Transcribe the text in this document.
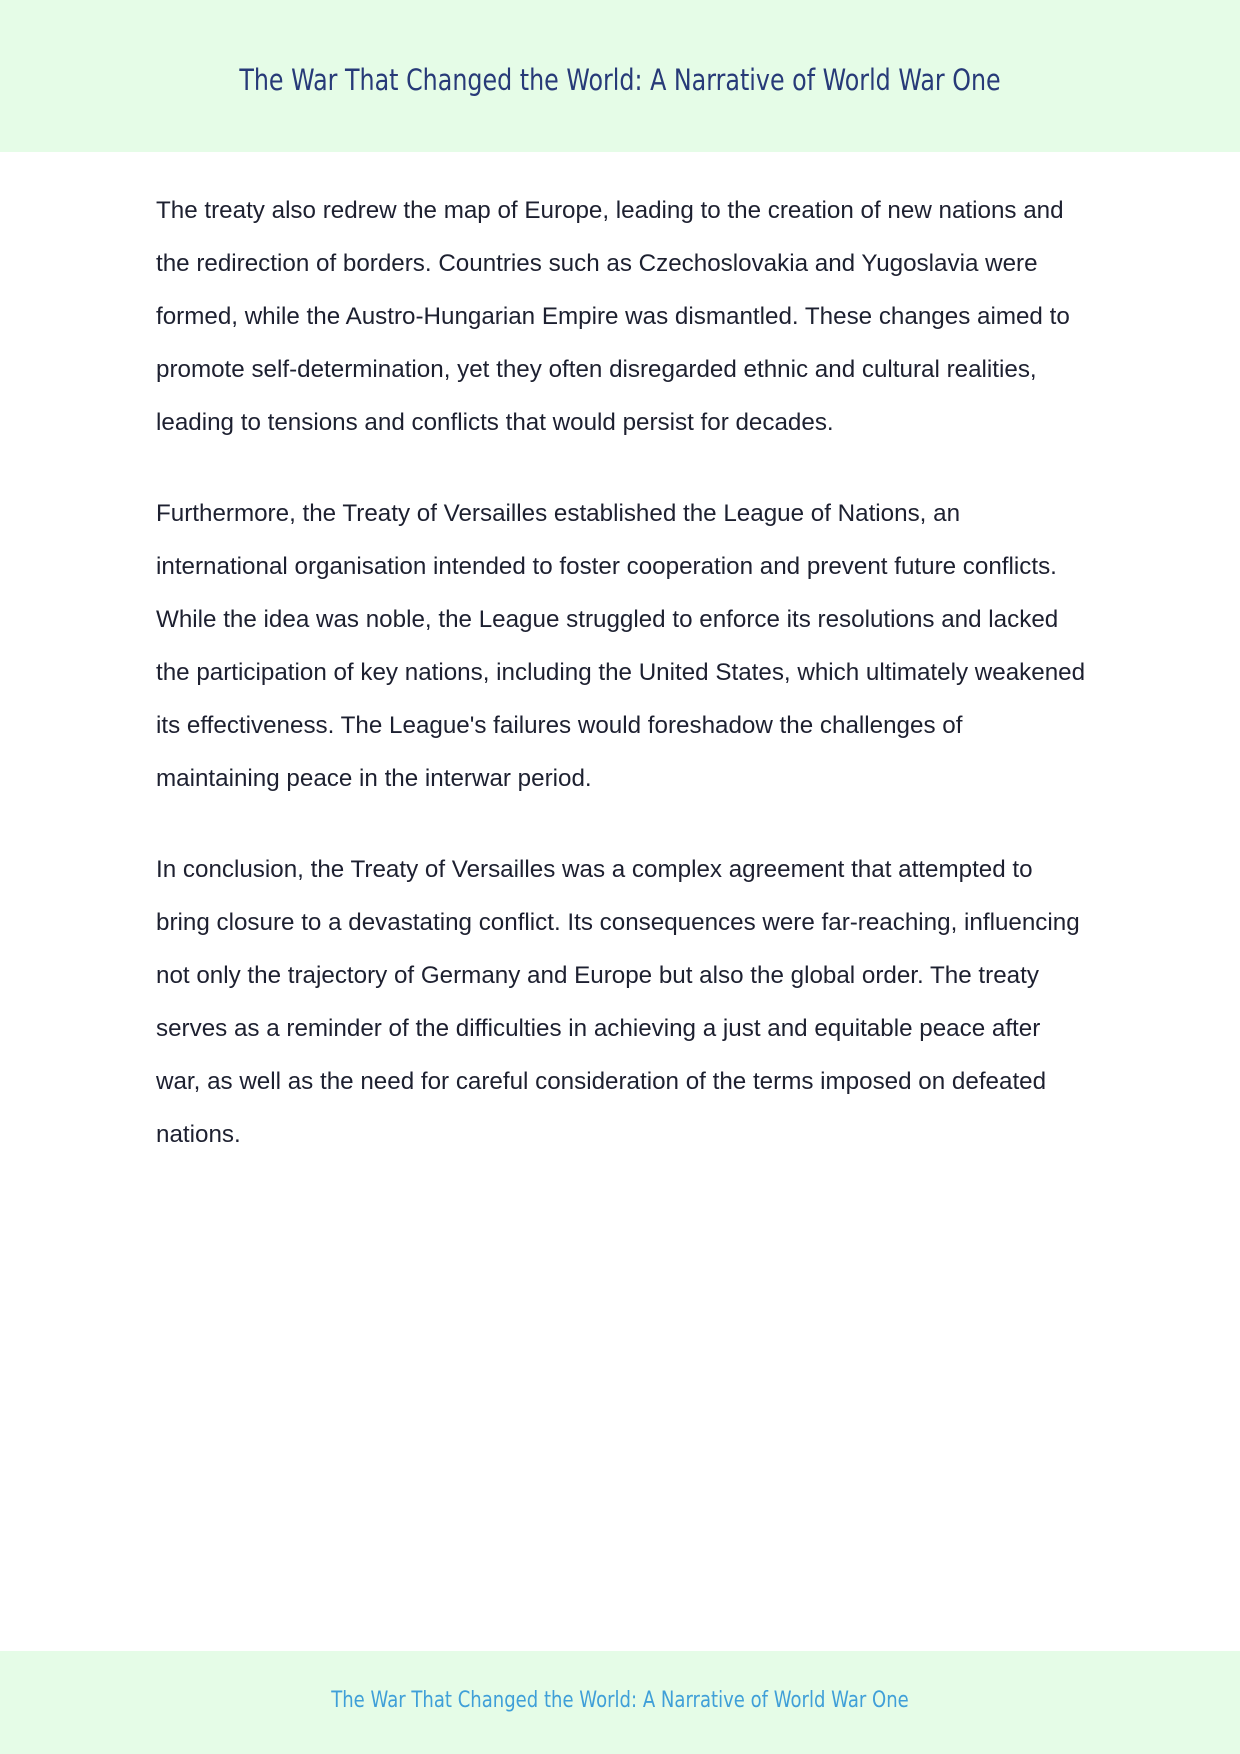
The War That Changed the World: A Narrative of World War One

The treaty also redrew the map of Europe, leading to the creation of new nations and the redirection of borders. Countries such as Czechoslovakia and Yugoslavia were formed, while the Austro-Hungarian Empire was dismantled. These changes aimed to promote self-determination, yet they often disregarded ethnic and cultural realities, leading to tensions and conflicts that would persist for decades.

Furthermore, the Treaty of Versailles established the League of Nations, an international organisation intended to foster cooperation and prevent future conflicts. While the idea was noble, the League struggled to enforce its resolutions and lacked the participation of key nations, including the United States, which ultimately weakened its effectiveness. The League's failures would foreshadow the challenges of maintaining peace in the interwar period.

In conclusion, the Treaty of Versailles was a complex agreement that attempted to bring closure to a devastating conflict. Its consequences were far-reaching, influencing not only the trajectory of Germany and Europe but also the global order. The treaty serves as a reminder of the difficulties in achieving a just and equitable peace after war, as well as the need for careful consideration of the terms imposed on defeated nations.

The War That Changed the World: A Narrative of World War One
